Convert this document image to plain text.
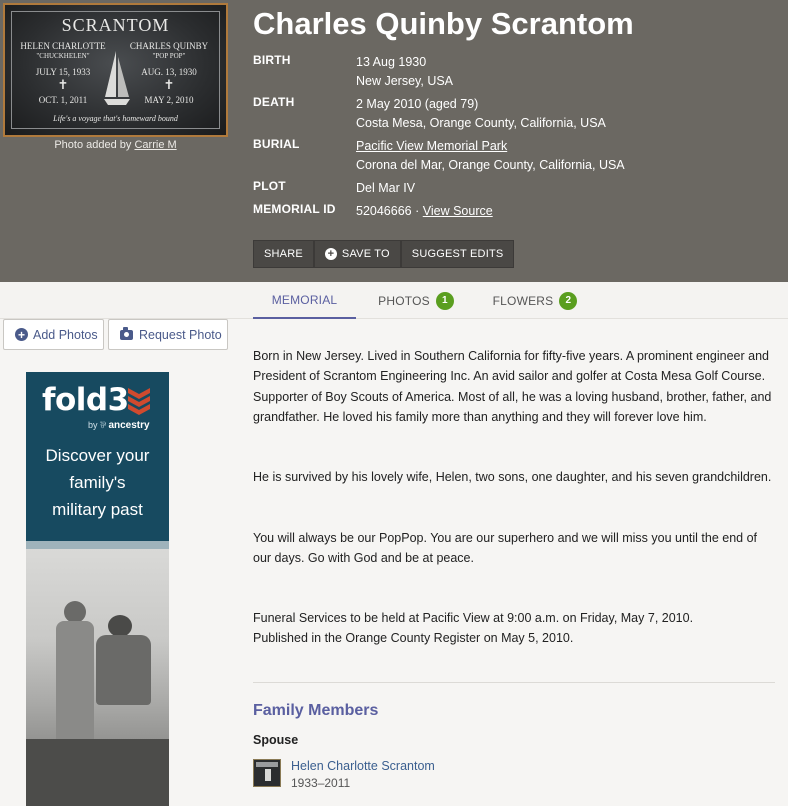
SCRANTOM
HELEN CHARLOTTE
"CHUCKHELEN"
JULY 15, 1933
✝
OCT. 1, 2011
CHARLES QUINBY
"POP POP"
AUG. 13, 1930
✝
MAY 2, 2010
Life's a voyage that's homeward bound
Photo added by Carrie M
Charles Quinby Scrantom
BIRTH	13 Aug 1930
New Jersey, USA
DEATH	2 May 2010 (aged 79)
Costa Mesa, Orange County, California, USA
BURIAL	Pacific View Memorial Park
Corona del Mar, Orange County, California, USA
PLOT	Del Mar IV
MEMORIAL ID 52046666 · View Source
SHARE	+ SAVE TO	SUGGEST EDITS
MEMORIAL	PHOTOS	1	FLOWERS	2
+ Add Photos	Request Photo
fold3
by ⅌ ancestry
Discover your
family's
military past
Born in New Jersey. Lived in Southern California for fifty-five years. A prominent engineer and President of Scrantom Engineering Inc. An avid sailor and golfer at Costa Mesa Golf Course. Supporter of Boy Scouts of America. Most of all, he was a loving husband, brother, father, and grandfather. He loved his family more than anything and they will forever love him.
He is survived by his lovely wife, Helen, two sons, one daughter, and his seven grandchildren.
You will always be our PopPop. You are our superhero and we will miss you until the end of our days. Go with God and be at peace.
Funeral Services to be held at Pacific View at 9:00 a.m. on Friday, May 7, 2010.
Published in the Orange County Register on May 5, 2010.
Family Members
Spouse
Helen Charlotte Scrantom
1933–2011
